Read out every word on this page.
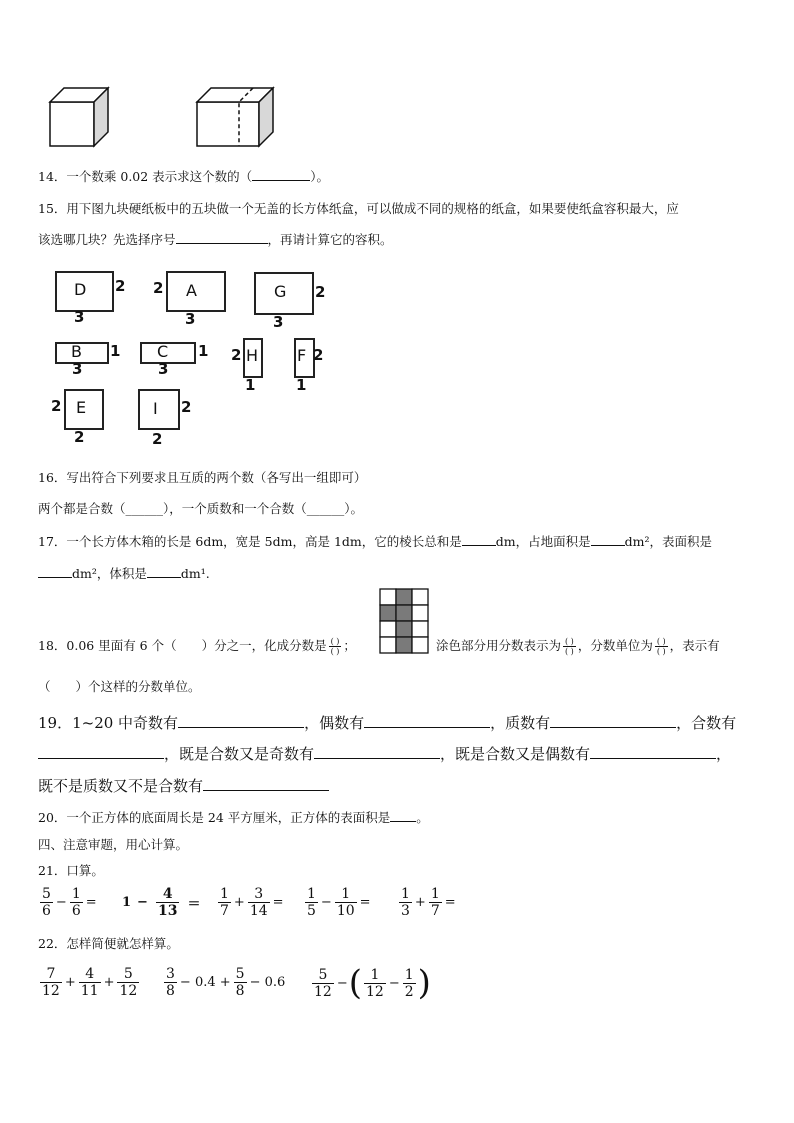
14．一个数乘 0.02 表示求这个数的（	）。
15．用下图九块硬纸板中的五块做一个无盖的长方体纸盒，可以做成不同的规格的纸盒，如果要使纸盒容积最大，应
该选哪几块？先选择序号	，再请计算它的容积。
D 2
3
A
2
3
G 2
3
B 1
3
C 1
3
H
2
1
F 2
1
E
2
2
I 2
2
16．写出符合下列要求且互质的两个数（各写出一组即可）
两个都是合数（______），一个质数和一个合数（______）。
17．一个长方体木箱的长是 6dm，宽是 5dm，高是 1dm，它的棱长总和是	dm，占地面积是	dm²，表面积是
dm²，体积是	dm¹.
18．0.06 里面有 6 个（　　）分之一，化成分数是 $\frac{( )}{( )}$ ；	涂色部分用分数表示为 $\frac{( )}{( )}$ ，分数单位为 $\frac{( )}{( )}$ ，表示有
（　　）个这样的分数单位。
19．1~20 中奇数有	，偶数有	，质数有	，合数有
，既是合数又是奇数有	，既是合数又是偶数有	，
既不是质数又不是合数有
20．一个正方体的底面周长是 24 平方厘米，正方体的表面积是 。
四、注意审题，用心计算。
21．口算。
$\frac{5}{6} - \frac{1}{6} = 1 - \frac{4}{13} = \frac{1}{7} + \frac{3}{14} = \frac{1}{5} - \frac{1}{10} = \frac{1}{3} + \frac{1}{7}$ =
22．怎样简便就怎样算。
$\frac{7}{12} + \frac{4}{11} + \frac{5}{12} \frac{3}{8} - 0.4 + \frac{5}{8} - 0.6 \frac{5}{12}$ − ( $\frac{1}{12} - \frac{1}{2}$ )
